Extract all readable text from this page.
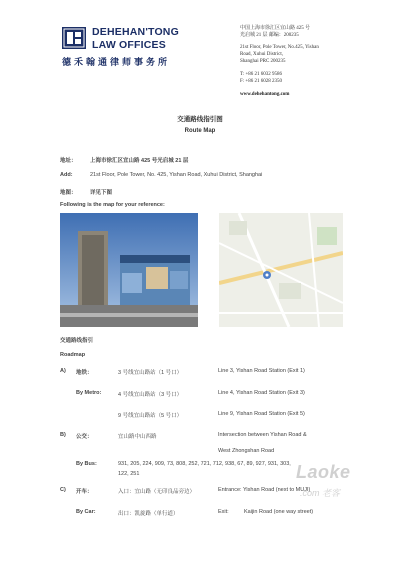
DEHEHAN'TONG
LAW OFFICES
德禾翰通律师事务所
中国上海市徐汇区宜山路 425 号
光启城 21 层 邮编：200235
21st Floor, Pole Tower, No.425, Yishan
Road, Xuhui District,
Shanghai PRC 200235
T: +86 21 6032 9586
F: +86 21 6028 2350
www.dehehantong.com
交通路线指引图
Route Map
地址： 上海市徐汇区宜山路 425 号光启城 21 层
Add:	21st Floor, Pole Tower, No. 425, Yishan Road, Xuhui District, Shanghai
地图： 详见下图
Following is the map for your reference:
交通路线指引
Roadmap
A) 地铁：	3 号线宜山路站（1 号口）	Line 3, Yishan Road Station (Exit 1)
By Metro:	4 号线宜山路站（3 号口）	Line 4, Yishan Road Station (Exit 3)
9 号线宜山路站（5 号口）	Line 9, Yishan Road Station (Exit 5)
B) 公交：	宜山路中山西路	Intersection between Yishan Road &
West Zhongshan Road
By Bus:	931, 205, 224, 909, 73, 808, 252, 721, 712, 938, 67, 89, 927, 931, 303,
122, 251
C) 开车：	入口：宜山路（无印良品旁边）	Entrance: Yishan Road (next to MUJI)
By Car:	出口：凯旋路（单行道）	Exit:	Kaijin Road (one way street)
Laoke
.com 老客
